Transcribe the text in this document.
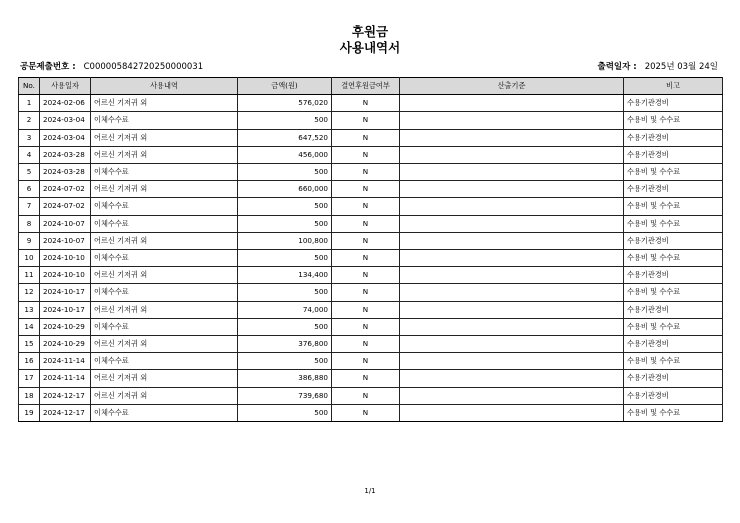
후원금
사용내역서
공문제출번호 : C000005842720250000031	출력일자 : 2025년 03월 24일
No.	사용일자	사용내역	금액(원)	결연후원금여부	산출기준	비고
1	2024-02-06	어르신 기저귀 외	576,020	N		수용기관경비
2	2024-03-04	이체수수료	500	N		수용비 및 수수료
3	2024-03-04	어르신 기저귀 외	647,520	N		수용기관경비
4	2024-03-28	어르신 기저귀 외	456,000	N		수용기관경비
5	2024-03-28	이체수수료	500	N		수용비 및 수수료
6	2024-07-02	어르신 기저귀 외	660,000	N		수용기관경비
7	2024-07-02	이체수수료	500	N		수용비 및 수수료
8	2024-10-07	이체수수료	500	N		수용비 및 수수료
9	2024-10-07	어르신 기저귀 외	100,800	N		수용기관경비
10	2024-10-10	이체수수료	500	N		수용비 및 수수료
11	2024-10-10	어르신 기저귀 외	134,400	N		수용기관경비
12	2024-10-17	이체수수료	500	N		수용비 및 수수료
13	2024-10-17	어르신 기저귀 외	74,000	N		수용기관경비
14	2024-10-29	이체수수료	500	N		수용비 및 수수료
15	2024-10-29	어르신 기저귀 외	376,800	N		수용기관경비
16	2024-11-14	이체수수료	500	N		수용비 및 수수료
17	2024-11-14	어르신 기저귀 외	386,880	N		수용기관경비
18	2024-12-17	어르신 기저귀 외	739,680	N		수용기관경비
19	2024-12-17	이체수수료	500	N		수용비 및 수수료
1/1
